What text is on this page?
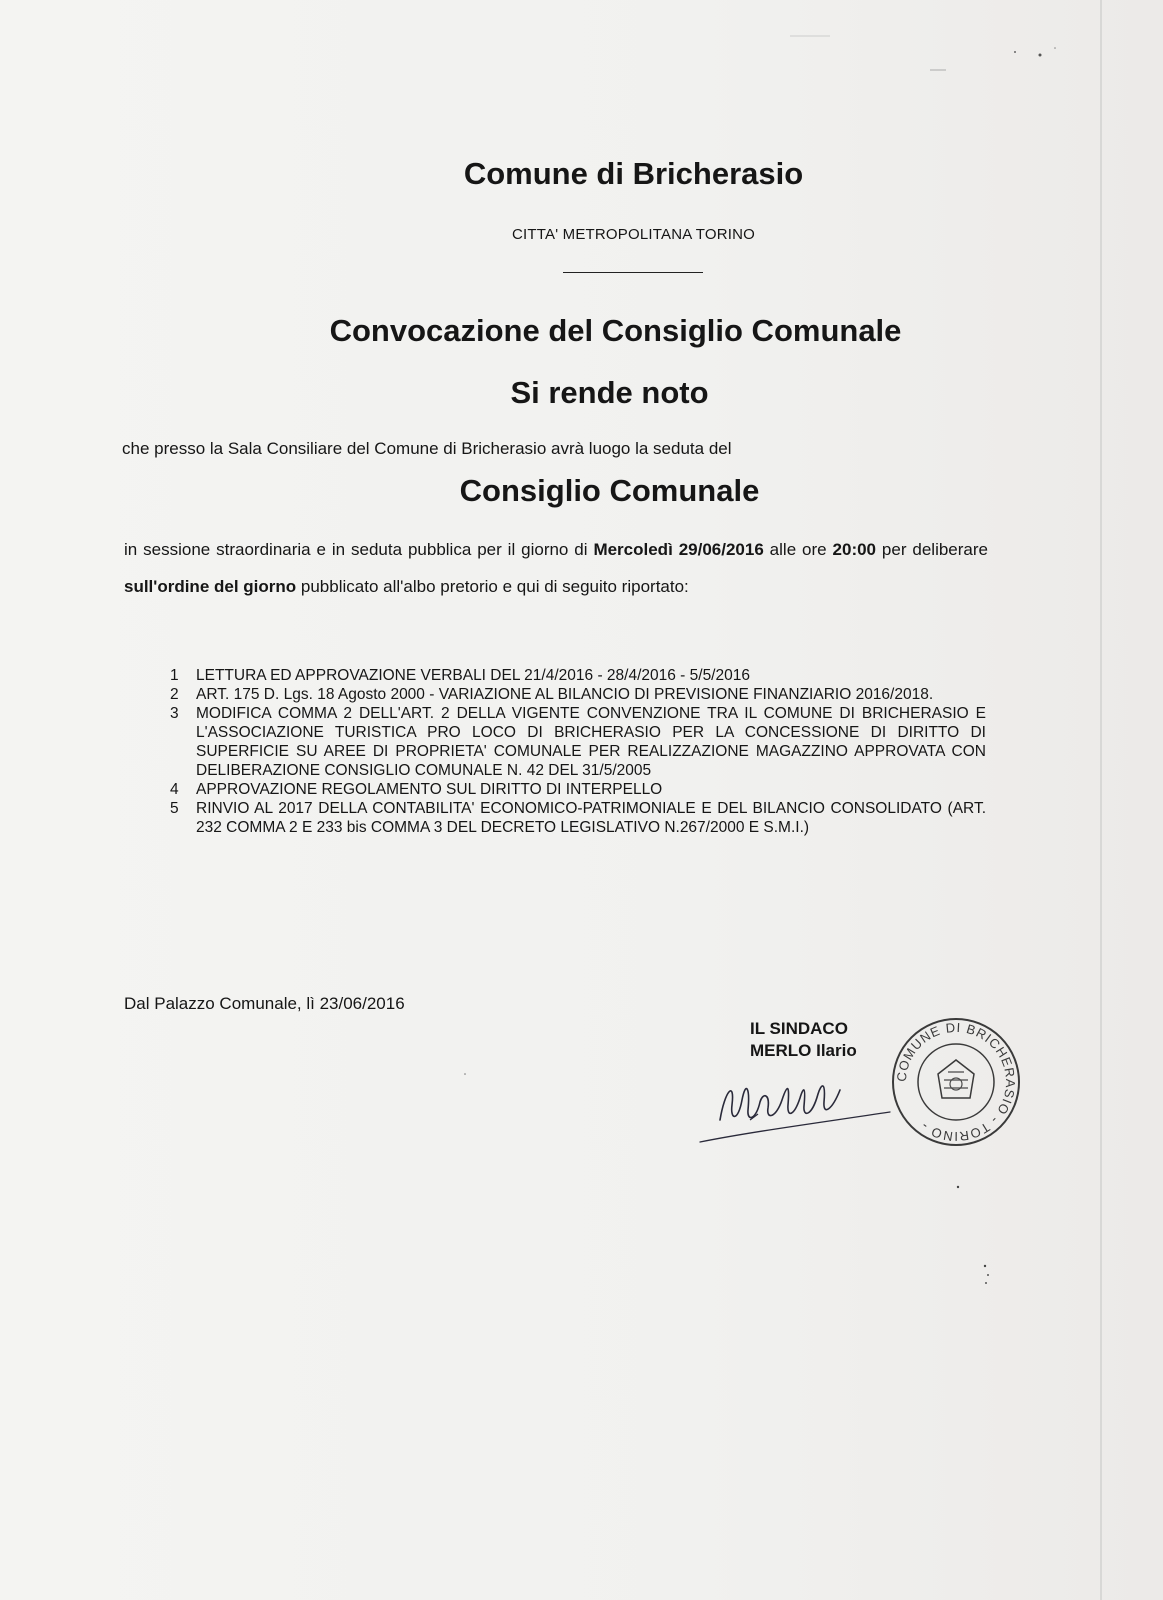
Comune di Bricherasio
CITTA' METROPOLITANA TORINO
Convocazione del Consiglio Comunale
Si rende noto
che presso la Sala Consiliare del Comune di Bricherasio avrà luogo la seduta del
Consiglio Comunale

in sessione straordinaria e in seduta pubblica per il giorno di Mercoledì 29/06/2016 alle ore 20:00 per deliberare sull'ordine del giorno pubblicato all'albo pretorio e qui di seguito riportato:

1 LETTURA ED APPROVAZIONE VERBALI DEL 21/4/2016 - 28/4/2016 - 5/5/2016
2 ART. 175 D. Lgs. 18 Agosto 2000 - VARIAZIONE AL BILANCIO DI PREVISIONE FINANZIARIO 2016/2018.
3 MODIFICA COMMA 2 DELL'ART. 2 DELLA VIGENTE CONVENZIONE TRA IL COMUNE DI BRICHERASIO E L'ASSOCIAZIONE TURISTICA PRO LOCO DI BRICHERASIO PER LA CONCESSIONE DI DIRITTO DI SUPERFICIE SU AREE DI PROPRIETA' COMUNALE PER REALIZZAZIONE MAGAZZINO APPROVATA CON DELIBERAZIONE CONSIGLIO COMUNALE N. 42 DEL 31/5/2005
4 APPROVAZIONE REGOLAMENTO SUL DIRITTO DI INTERPELLO
5 RINVIO AL 2017 DELLA CONTABILITA' ECONOMICO-PATRIMONIALE E DEL BILANCIO CONSOLIDATO (ART. 232 COMMA 2 E 233 bis COMMA 3 DEL DECRETO LEGISLATIVO N.267/2000 E S.M.I.)
Dal Palazzo Comunale, lì 23/06/2016
IL SINDACO
MERLO Ilario
COMUNE DI BRICHERASIO - TORINO -
